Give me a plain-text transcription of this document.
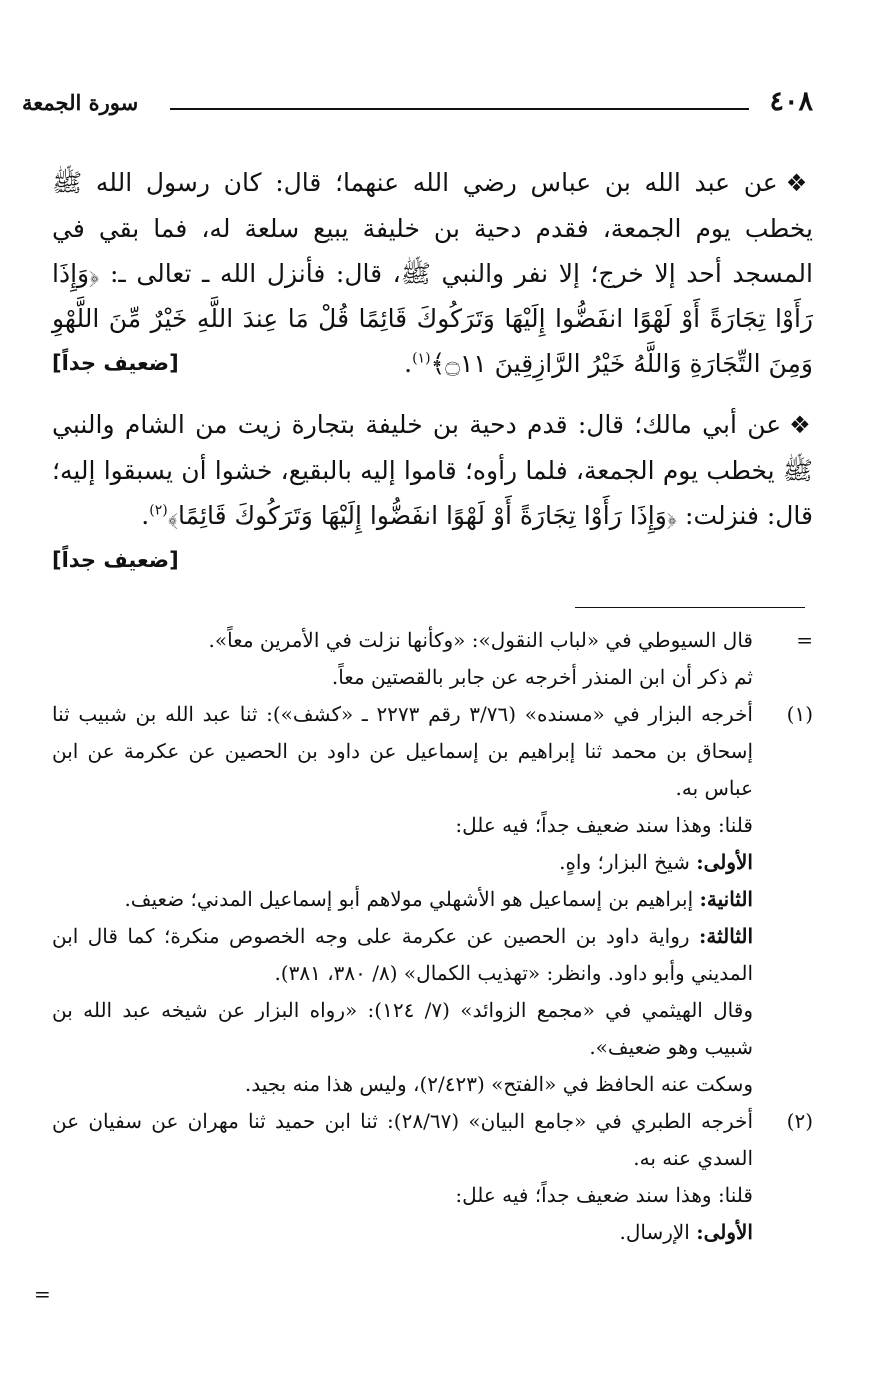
٤٠٨
سورة الجمعة

❖عن عبد الله بن عباس رضي الله عنهما؛ قال: كان رسول الله ﷺ يخطب يوم الجمعة، فقدم دحية بن خليفة يبيع سلعة له، فما بقي في المسجد أحد إلا خرج؛ إلا نفر والنبي ﷺ، قال: فأنزل الله ـ تعالى ـ: ﴿وَإِذَا رَأَوْا تِجَارَةً أَوْ لَهْوًا انفَضُّوا إِلَيْهَا وَتَرَكُوكَ قَائِمًا قُلْ مَا عِندَ اللَّهِ خَيْرٌ مِّنَ اللَّهْوِ وَمِنَ التِّجَارَةِ وَاللَّهُ خَيْرُ الرَّازِقِينَ ۝١١﴾$^{(١)}$.
[ضعيف جداً]

❖عن أبي مالك؛ قال: قدم دحية بن خليفة بتجارة زيت من الشام والنبي ﷺ يخطب يوم الجمعة، فلما رأوه؛ قاموا إليه بالبقيع، خشوا أن يسبقوا إليه؛ قال: فنزلت: ﴿وَإِذَا رَأَوْا تِجَارَةً أَوْ لَهْوًا انفَضُّوا إِلَيْهَا وَتَرَكُوكَ قَائِمًا﴾$^{(٢)}$.
[ضعيف جداً]

=
قال السيوطي في «لباب النقول»: «وكأنها نزلت في الأمرين معاً».

ثم ذكر أن ابن المنذر أخرجه عن جابر بالقصتين معاً.

(١)
أخرجه البزار في «مسنده» (٣/٧٦ رقم ٢٢٧٣ ـ «كشف»): ثنا عبد الله بن شبيب ثنا إسحاق بن محمد ثنا إبراهيم بن إسماعيل عن داود بن الحصين عن عكرمة عن ابن عباس به.

قلنا: وهذا سند ضعيف جداً؛ فيه علل:

الأولى: شيخ البزار؛ واهٍ.

الثانية: إبراهيم بن إسماعيل هو الأشهلي مولاهم أبو إسماعيل المدني؛ ضعيف.

الثالثة: رواية داود بن الحصين عن عكرمة على وجه الخصوص منكرة؛ كما قال ابن المديني وأبو داود. وانظر: «تهذيب الكمال» (٨/ ٣٨٠، ٣٨١).

وقال الهيثمي في «مجمع الزوائد» (٧/ ١٢٤): «رواه البزار عن شيخه عبد الله بن شبيب وهو ضعيف».

وسكت عنه الحافظ في «الفتح» (٢/٤٢٣)، وليس هذا منه بجيد.

(٢)
أخرجه الطبري في «جامع البيان» (٢٨/٦٧): ثنا ابن حميد ثنا مهران عن سفيان عن السدي عنه به.

قلنا: وهذا سند ضعيف جداً؛ فيه علل:

الأولى: الإرسال.

=
